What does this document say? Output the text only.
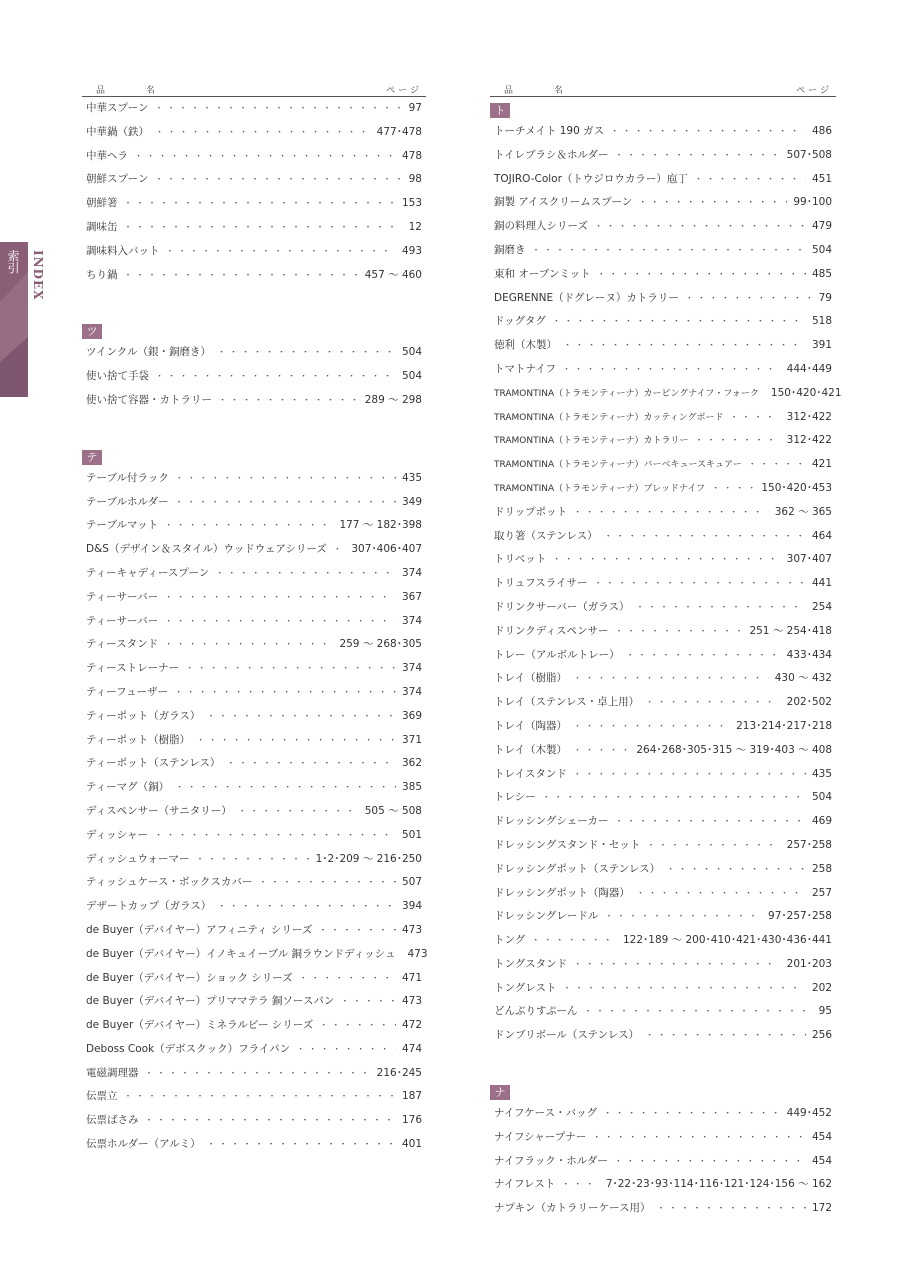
索引 INDEX
品　名	ページ
中華スプーン ・・・・・・・・・・・・・・・・・・・・・・・・・・・・・・・・・・・・・・・・・・・・・・・・・	97
中華鍋（鉄） ・・・・・・・・・・・・・・・・・・・・・・・・・・・・・・・・・・・・・・・・・・・・・・・・・	477･478
中華ヘラ ・・・・・・・・・・・・・・・・・・・・・・・・・・・・・・・・・・・・・・・・・・・・・・・・・	478
朝鮮スプーン ・・・・・・・・・・・・・・・・・・・・・・・・・・・・・・・・・・・・・・・・・・・・・・・・・	98
朝鮮箸 ・・・・・・・・・・・・・・・・・・・・・・・・・・・・・・・・・・・・・・・・・・・・・・・・・	153
調味缶 ・・・・・・・・・・・・・・・・・・・・・・・・・・・・・・・・・・・・・・・・・・・・・・・・・	12
調味料入バット ・・・・・・・・・・・・・・・・・・・・・・・・・・・・・・・・・・・・・・・・・・・・・・・・・	493
ちり鍋 ・・・・・・・・・・・・・・・・・・・・・・・・・・・・・・・・・・・・・・・・・・・・・・・・・	457 ～ 460
ツ
ツインクル（銀・銅磨き） ・・・・・・・・・・・・・・・・・・・・・・・・・・・・・・・・・・・・・・・・・・・・・・・・・	504
使い捨て手袋 ・・・・・・・・・・・・・・・・・・・・・・・・・・・・・・・・・・・・・・・・・・・・・・・・・	504
使い捨て容器・カトラリー ・・・・・・・・・・・・・・・・・・・・・・・・・・・・・・・・・・・・・・・・・・・・・・・・・	289 ～ 298
テ
テーブル付ラック ・・・・・・・・・・・・・・・・・・・・・・・・・・・・・・・・・・・・・・・・・・・・・・・・・	435
テーブルホルダー ・・・・・・・・・・・・・・・・・・・・・・・・・・・・・・・・・・・・・・・・・・・・・・・・・	349
テーブルマット ・・・・・・・・・・・・・・・・・・・・・・・・・・・・・・・・・・・・・・・・・・・・・・・・・	177 ～ 182･398
D&S（デザイン＆スタイル）ウッドウェアシリーズ ・・・・・・・・・・・・・・・・・・・・・・・・・・・・・・・・・・・・・・・・・・・・・・・・・ 307･406･407
ティーキャディースプーン ・・・・・・・・・・・・・・・・・・・・・・・・・・・・・・・・・・・・・・・・・・・・・・・・・	374
ティーサーバー ・・・・・・・・・・・・・・・・・・・・・・・・・・・・・・・・・・・・・・・・・・・・・・・・・	367
ティーサーバー ・・・・・・・・・・・・・・・・・・・・・・・・・・・・・・・・・・・・・・・・・・・・・・・・・	374
ティースタンド ・・・・・・・・・・・・・・・・・・・・・・・・・・・・・・・・・・・・・・・・・・・・・・・・・	259 ～ 268･305
ティーストレーナー ・・・・・・・・・・・・・・・・・・・・・・・・・・・・・・・・・・・・・・・・・・・・・・・・・	374
ティーフューザー ・・・・・・・・・・・・・・・・・・・・・・・・・・・・・・・・・・・・・・・・・・・・・・・・・	374
ティーポット（ガラス） ・・・・・・・・・・・・・・・・・・・・・・・・・・・・・・・・・・・・・・・・・・・・・・・・・	369
ティーポット（樹脂） ・・・・・・・・・・・・・・・・・・・・・・・・・・・・・・・・・・・・・・・・・・・・・・・・・	371
ティーポット（ステンレス） ・・・・・・・・・・・・・・・・・・・・・・・・・・・・・・・・・・・・・・・・・・・・・・・・・	362
ティーマグ（銅） ・・・・・・・・・・・・・・・・・・・・・・・・・・・・・・・・・・・・・・・・・・・・・・・・・	385
ディスペンサー（サニタリー） ・・・・・・・・・・・・・・・・・・・・・・・・・・・・・・・・・・・・・・・・・・・・・・・・・	505 ～ 508
ディッシャー ・・・・・・・・・・・・・・・・・・・・・・・・・・・・・・・・・・・・・・・・・・・・・・・・・	501
ディッシュウォーマー ・・・・・・・・・・・・・・・・・・・・・・・・・・・・・・・・・・・・・・・・・・・・・・・・・	1･2･209 ～ 216･250
ティッシュケース・ボックスカバー ・・・・・・・・・・・・・・・・・・・・・・・・・・・・・・・・・・・・・・・・・・・・・・・・・	507
デザートカップ（ガラス） ・・・・・・・・・・・・・・・・・・・・・・・・・・・・・・・・・・・・・・・・・・・・・・・・・	394
de Buyer（デバイヤー）アフィニティ シリーズ ・・・・・・・・・・・・・・・・・・・・・・・・・・・・・・・・・・・・・・・・・・・・・・・・・	473
de Buyer（デバイヤー）イノキュイーブル 銅ラウンドディッシュ 473
de Buyer（デバイヤー）ショック シリーズ ・・・・・・・・・・・・・・・・・・・・・・・・・・・・・・・・・・・・・・・・・・・・・・・・・	471
de Buyer（デバイヤー）プリママテラ 銅ソースパン ・・・・・・・・・・・・・・・・・・・・・・・・・・・・・・・・・・・・・・・・・・・・・・・・・	473
de Buyer（デバイヤー）ミネラルビー シリーズ ・・・・・・・・・・・・・・・・・・・・・・・・・・・・・・・・・・・・・・・・・・・・・・・・・	472
Deboss Cook（デボスクック）フライパン ・・・・・・・・・・・・・・・・・・・・・・・・・・・・・・・・・・・・・・・・・・・・・・・・・	474
電磁調理器 ・・・・・・・・・・・・・・・・・・・・・・・・・・・・・・・・・・・・・・・・・・・・・・・・・	216･245
伝票立 ・・・・・・・・・・・・・・・・・・・・・・・・・・・・・・・・・・・・・・・・・・・・・・・・・	187
伝票ばさみ ・・・・・・・・・・・・・・・・・・・・・・・・・・・・・・・・・・・・・・・・・・・・・・・・・	176
伝票ホルダー（アルミ） ・・・・・・・・・・・・・・・・・・・・・・・・・・・・・・・・・・・・・・・・・・・・・・・・・	401
品　名	ページ
ト
トーチメイト 190 ガス ・・・・・・・・・・・・・・・・・・・・・・・・・・・・・・・・・・・・・・・・・・・・・・・・・	486
トイレブラシ＆ホルダー ・・・・・・・・・・・・・・・・・・・・・・・・・・・・・・・・・・・・・・・・・・・・・・・・・	507･508
TOJIRO-Color（トウジロウカラー）庖丁 ・・・・・・・・・・・・・・・・・・・・・・・・・・・・・・・・・・・・・・・・・・・・・・・・・	451
銅製 アイスクリームスプーン ・・・・・・・・・・・・・・・・・・・・・・・・・・・・・・・・・・・・・・・・・・・・・・・・・	99･100
銅の料理人シリーズ ・・・・・・・・・・・・・・・・・・・・・・・・・・・・・・・・・・・・・・・・・・・・・・・・・	479
銅磨き ・・・・・・・・・・・・・・・・・・・・・・・・・・・・・・・・・・・・・・・・・・・・・・・・・	504
東和 オーブンミット ・・・・・・・・・・・・・・・・・・・・・・・・・・・・・・・・・・・・・・・・・・・・・・・・・	485
DEGRENNE（ドグレーヌ）カトラリー ・・・・・・・・・・・・・・・・・・・・・・・・・・・・・・・・・・・・・・・・・・・・・・・・・	79
ドッグタグ ・・・・・・・・・・・・・・・・・・・・・・・・・・・・・・・・・・・・・・・・・・・・・・・・・	518
徳利（木製） ・・・・・・・・・・・・・・・・・・・・・・・・・・・・・・・・・・・・・・・・・・・・・・・・・	391
トマトナイフ ・・・・・・・・・・・・・・・・・・・・・・・・・・・・・・・・・・・・・・・・・・・・・・・・・	444･449
TRAMONTINA（トラモンティーナ）カービングナイフ・フォーク 150･420･421
TRAMONTINA（トラモンティーナ）カッティングボード ・・・・・・・・・・・・・・・・・・・・・・・・・・・・・・・・・・・・・・・・・・・・・・・・・	312･422
TRAMONTINA（トラモンティーナ）カトラリー ・・・・・・・・・・・・・・・・・・・・・・・・・・・・・・・・・・・・・・・・・・・・・・・・・	312･422
TRAMONTINA（トラモンティーナ）バーベキュースキュアー ・・・・・・・・・・・・・・・・・・・・・・・・・・・・・・・・・・・・・・・・・・・・・・・・・	421
TRAMONTINA（トラモンティーナ）ブレッドナイフ ・・・・・・・・・・・・・・・・・・・・・・・・・・・・・・・・・・・・・・・・・・・・・・・・・	150･420･453
ドリップポット ・・・・・・・・・・・・・・・・・・・・・・・・・・・・・・・・・・・・・・・・・・・・・・・・・	362 ～ 365
取り箸（ステンレス） ・・・・・・・・・・・・・・・・・・・・・・・・・・・・・・・・・・・・・・・・・・・・・・・・・	464
トリベット ・・・・・・・・・・・・・・・・・・・・・・・・・・・・・・・・・・・・・・・・・・・・・・・・・	307･407
トリュフスライサー ・・・・・・・・・・・・・・・・・・・・・・・・・・・・・・・・・・・・・・・・・・・・・・・・・	441
ドリンクサーバー（ガラス） ・・・・・・・・・・・・・・・・・・・・・・・・・・・・・・・・・・・・・・・・・・・・・・・・・	254
ドリンクディスペンサー ・・・・・・・・・・・・・・・・・・・・・・・・・・・・・・・・・・・・・・・・・・・・・・・・・	251 ～ 254･418
トレー（アルボルトレー） ・・・・・・・・・・・・・・・・・・・・・・・・・・・・・・・・・・・・・・・・・・・・・・・・・	433･434
トレイ（樹脂） ・・・・・・・・・・・・・・・・・・・・・・・・・・・・・・・・・・・・・・・・・・・・・・・・・	430 ～ 432
トレイ（ステンレス・卓上用） ・・・・・・・・・・・・・・・・・・・・・・・・・・・・・・・・・・・・・・・・・・・・・・・・・	202･502
トレイ（陶器） ・・・・・・・・・・・・・・・・・・・・・・・・・・・・・・・・・・・・・・・・・・・・・・・・・	213･214･217･218
トレイ（木製） ・・・・・・・・・・・・・・・・・・・・・・・・・・・・・・・・・・・・・・・・・・・・・・・・・	264･268･305･315 ～ 319･403 ～ 408
トレイスタンド ・・・・・・・・・・・・・・・・・・・・・・・・・・・・・・・・・・・・・・・・・・・・・・・・・	435
トレシー ・・・・・・・・・・・・・・・・・・・・・・・・・・・・・・・・・・・・・・・・・・・・・・・・・	504
ドレッシングシェーカー ・・・・・・・・・・・・・・・・・・・・・・・・・・・・・・・・・・・・・・・・・・・・・・・・・	469
ドレッシングスタンド・セット ・・・・・・・・・・・・・・・・・・・・・・・・・・・・・・・・・・・・・・・・・・・・・・・・・	257･258
ドレッシングポット（ステンレス） ・・・・・・・・・・・・・・・・・・・・・・・・・・・・・・・・・・・・・・・・・・・・・・・・・	258
ドレッシングポット（陶器） ・・・・・・・・・・・・・・・・・・・・・・・・・・・・・・・・・・・・・・・・・・・・・・・・・	257
ドレッシングレードル ・・・・・・・・・・・・・・・・・・・・・・・・・・・・・・・・・・・・・・・・・・・・・・・・・	97･257･258
トング ・・・・・・・・・・・・・・・・・・・・・・・・・・・・・・・・・・・・・・・・・・・・・・・・・	122･189 ～ 200･410･421･430･436･441
トングスタンド ・・・・・・・・・・・・・・・・・・・・・・・・・・・・・・・・・・・・・・・・・・・・・・・・・	201･203
トングレスト ・・・・・・・・・・・・・・・・・・・・・・・・・・・・・・・・・・・・・・・・・・・・・・・・・	202
どんぶりすぷーん ・・・・・・・・・・・・・・・・・・・・・・・・・・・・・・・・・・・・・・・・・・・・・・・・・	95
ドンブリボール（ステンレス） ・・・・・・・・・・・・・・・・・・・・・・・・・・・・・・・・・・・・・・・・・・・・・・・・・	256
ナ
ナイフケース・バッグ ・・・・・・・・・・・・・・・・・・・・・・・・・・・・・・・・・・・・・・・・・・・・・・・・・	449･452
ナイフシャープナー ・・・・・・・・・・・・・・・・・・・・・・・・・・・・・・・・・・・・・・・・・・・・・・・・・	454
ナイフラック・ホルダー ・・・・・・・・・・・・・・・・・・・・・・・・・・・・・・・・・・・・・・・・・・・・・・・・・	454
ナイフレスト ・・・・・・・・・・・・・・・・・・・・・・・・・・・・・・・・・・・・・・・・・・・・・・・・・	7･22･23･93･114･116･121･124･156 ～ 162
ナプキン（カトラリーケース用） ・・・・・・・・・・・・・・・・・・・・・・・・・・・・・・・・・・・・・・・・・・・・・・・・・	172
